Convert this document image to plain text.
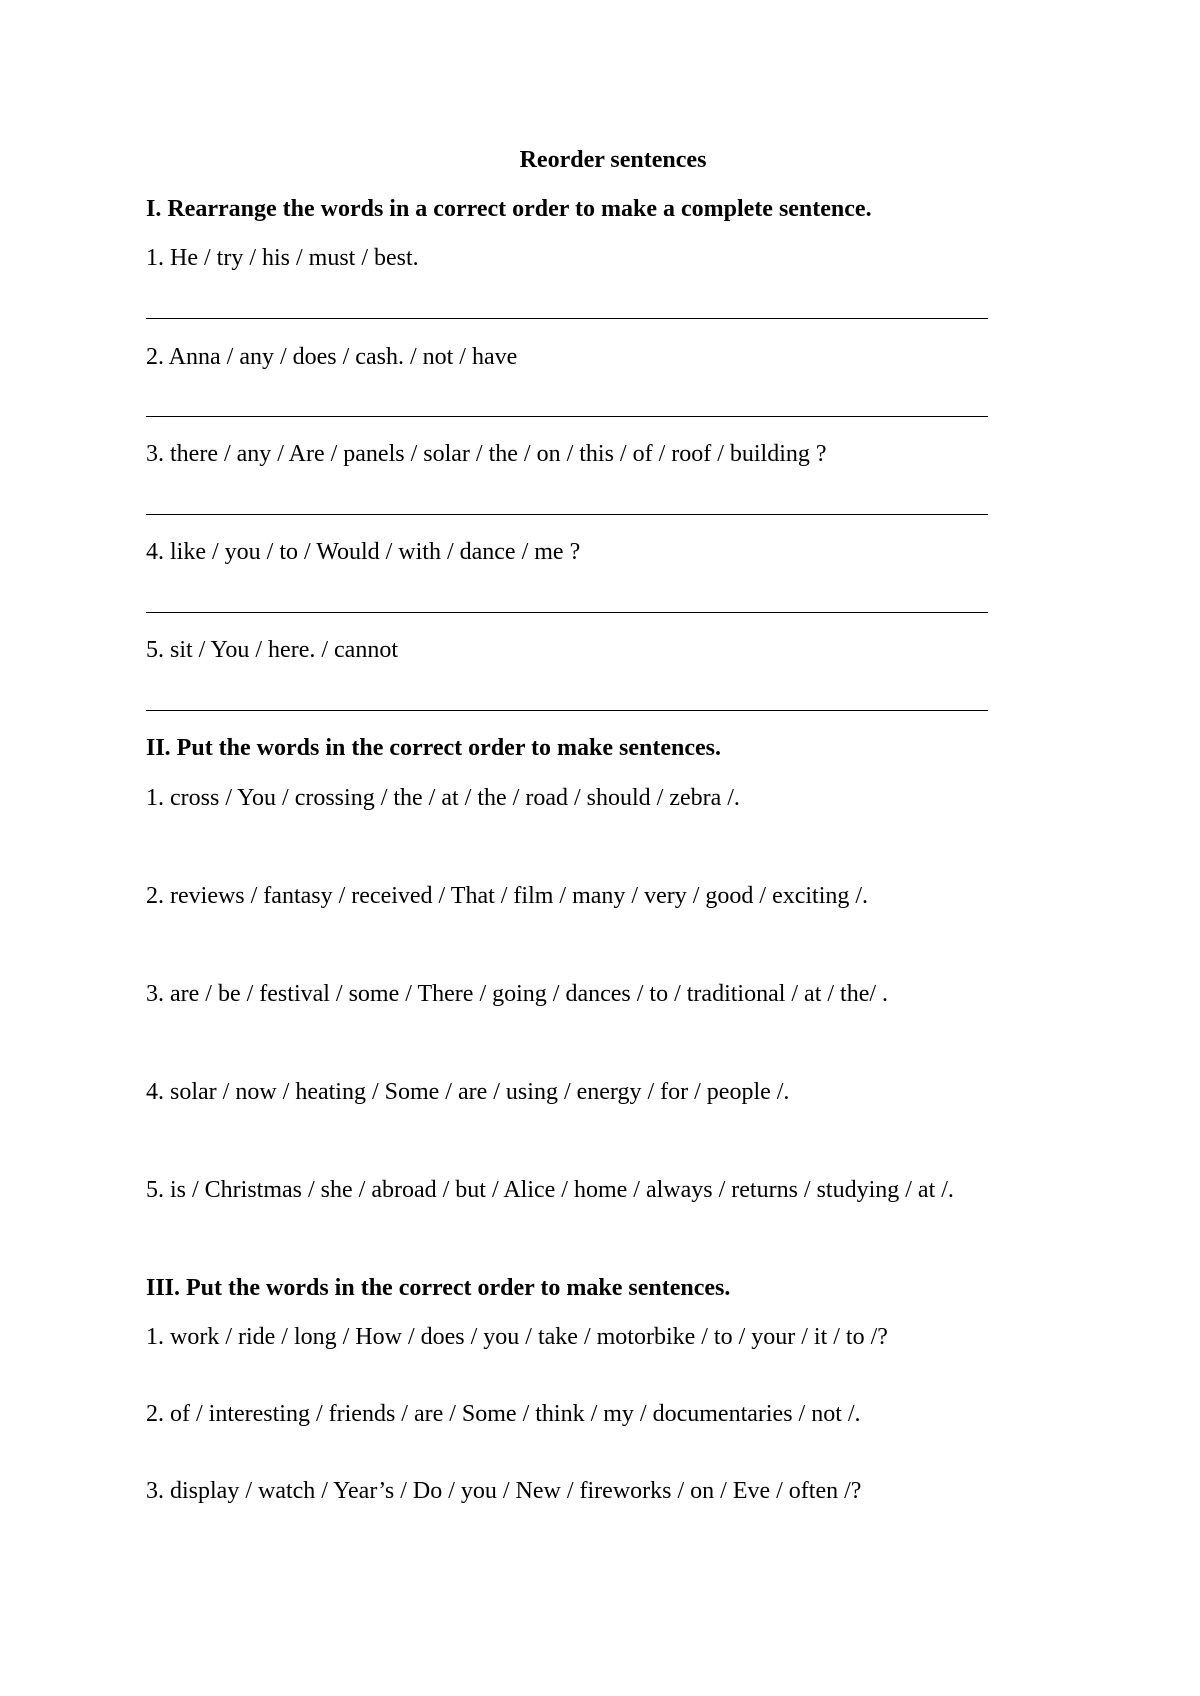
Reorder sentences
I. Rearrange the words in a correct order to make a complete sentence.
1. He / try / his / must / best.
2. Anna / any / does / cash. / not / have
3. there / any / Are / panels / solar / the / on / this / of / roof / building ?
4. like / you / to / Would / with / dance / me ?
5. sit / You / here. / cannot
II. Put the words in the correct order to make sentences.
1. cross / You / crossing / the / at / the / road / should / zebra /.
2. reviews / fantasy / received / That / film / many / very / good / exciting /.
3. are / be / festival / some / There / going / dances / to / traditional / at / the/ .
4. solar / now / heating / Some / are / using / energy / for / people /.
5. is / Christmas / she / abroad / but / Alice / home / always / returns / studying / at /.
III. Put the words in the correct order to make sentences.
1. work / ride / long / How / does / you / take / motorbike / to / your / it / to /?
2. of / interesting / friends / are / Some / think / my / documentaries / not /.
3. display / watch / Year’s / Do / you / New / fireworks / on / Eve / often /?
